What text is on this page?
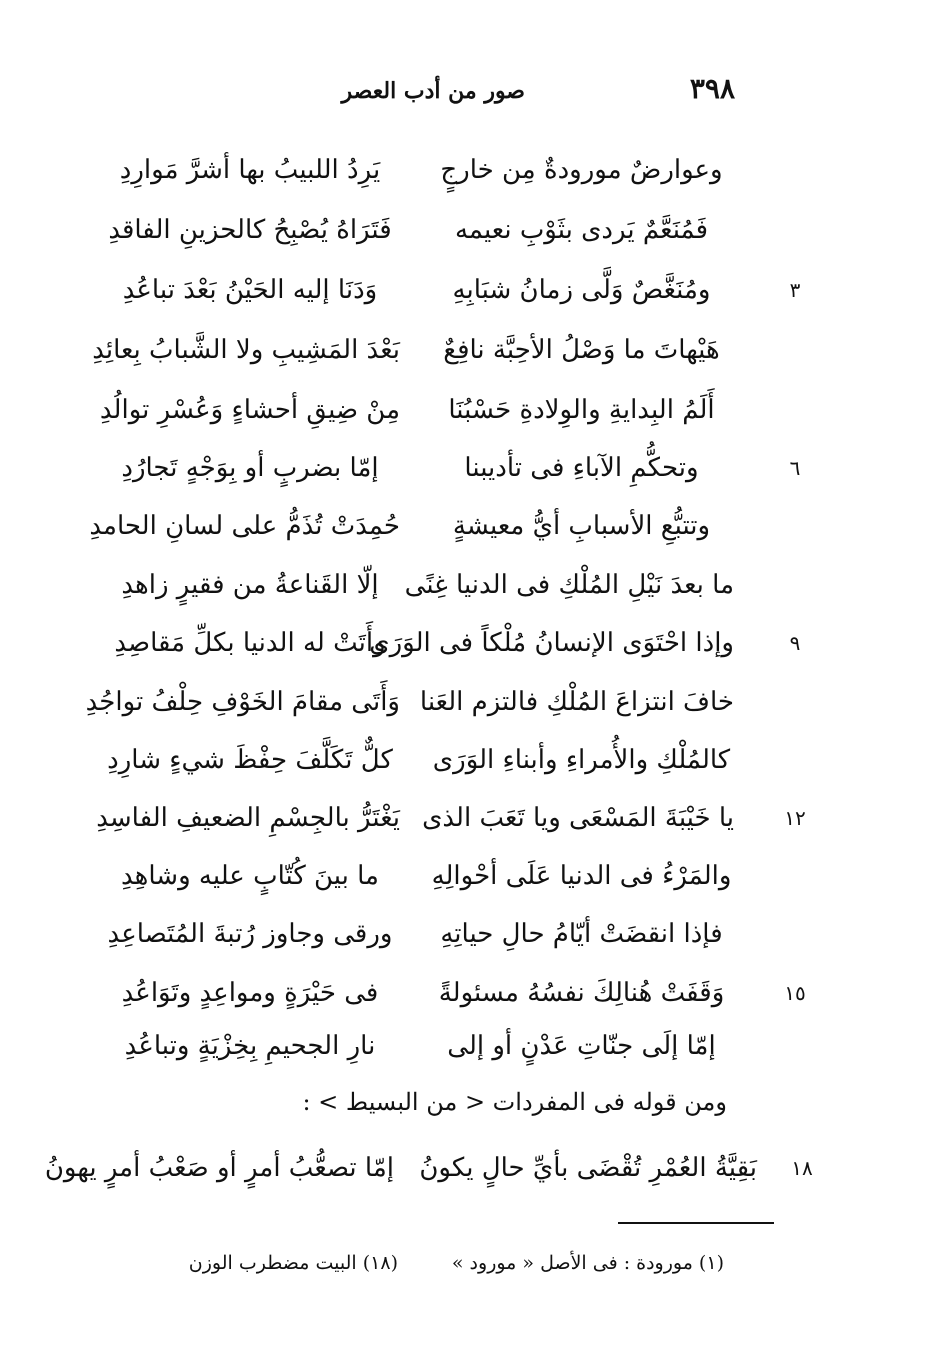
٣٩٨
صور من أدب العصر
وعوارضٌ مورودةٌ مِن خارجٍ
يَرِدُ اللبيبُ بها أشرَّ مَوارِدِ
فَمُنَعَّمٌ يَردى بثَوْبِ نعيمه
فَتَرَاهُ يُصْبِحُ كالحزينِ الفاقدِ
٣
ومُنَغَّصٌ وَلَّى زمانُ شبَابِهِ
وَدَنَا إليه الحَيْنُ بَعْدَ تباعُدِ
هَيْهاتَ ما وَصْلُ الأحِبَّة نافِعٌ
بَعْدَ المَشِيبِ ولا الشَّبابُ بِعائِدِ
أَلَمُ البِدايةِ والوِلادةِ حَسْبُنَا
مِنْ ضِيقِ أحشاءٍ وَعُسْرِ توالُدِ
٦
وتحكُّمِ الآباءِ فى تأديبنا
إمّا بضربٍ أو بِوَجْهٍ تَجارُدِ
وتتبُّعِ الأسبابِ أيُّ معيشةٍ
حُمِدَتْ تُذَمُّ على لسانِ الحامدِ
ما بعدَ نَيْلِ المُلْكِ فى الدنيا غِنًى
إلّا القَناعةُ من فقيرٍ زاهدِ
٩
وإذا احْتَوَى الإنسانُ مُلْكاً فى الوَرَى
وأَتَتْ له الدنيا بكلِّ مَقاصِدِ
خافَ انتزاعَ المُلْكِ فالتزم العَنا
وَأَتَى مقامَ الخَوْفِ حِلْفُ تواجُدِ
كالمُلْكِ والأُمراءِ وأبناءِ الوَرَى
كلٌّ تَكَلَّفَ حِفْظَ شيءٍ شارِدِ
١٢
يا خَيْبَةَ المَسْعَى ويا تَعَبَ الذى
يَغْتَرُّ بالجِسْمِ الضعيفِ الفاسِدِ
والمَرْءُ فى الدنيا عَلَى أحْوالِهِ
ما بينَ كُتّابٍ عليه وشاهِدِ
فإذا انقضَتْ أيّامُ حالِ حياتِهِ
ورقى وجاوز رُتبةَ المُتَصاعِدِ
١٥
وَقَفَتْ هُنالِكَ نفسُهُ مسئولةً
فى حَيْرَةٍ ومواعِدٍ وتَوَاعُدِ
إمّا إلَى جنّاتِ عَدْنٍ أو إلى
نارِ الجحيمِ بِخِزْيَةٍ وتباعُدِ
ومن قوله فى المفردات < من البسيط > :
١٨
بَقِيَّةُ العُمْرِ تُقْضَى بأيِّ حالٍ يكونُ
إمّا تصعُّبُ أمرٍ أو صَعْبُ أمرٍ يهونُ
(١) مورودة : فى الأصل « مورود »
(١٨) البيت مضطرب الوزن
